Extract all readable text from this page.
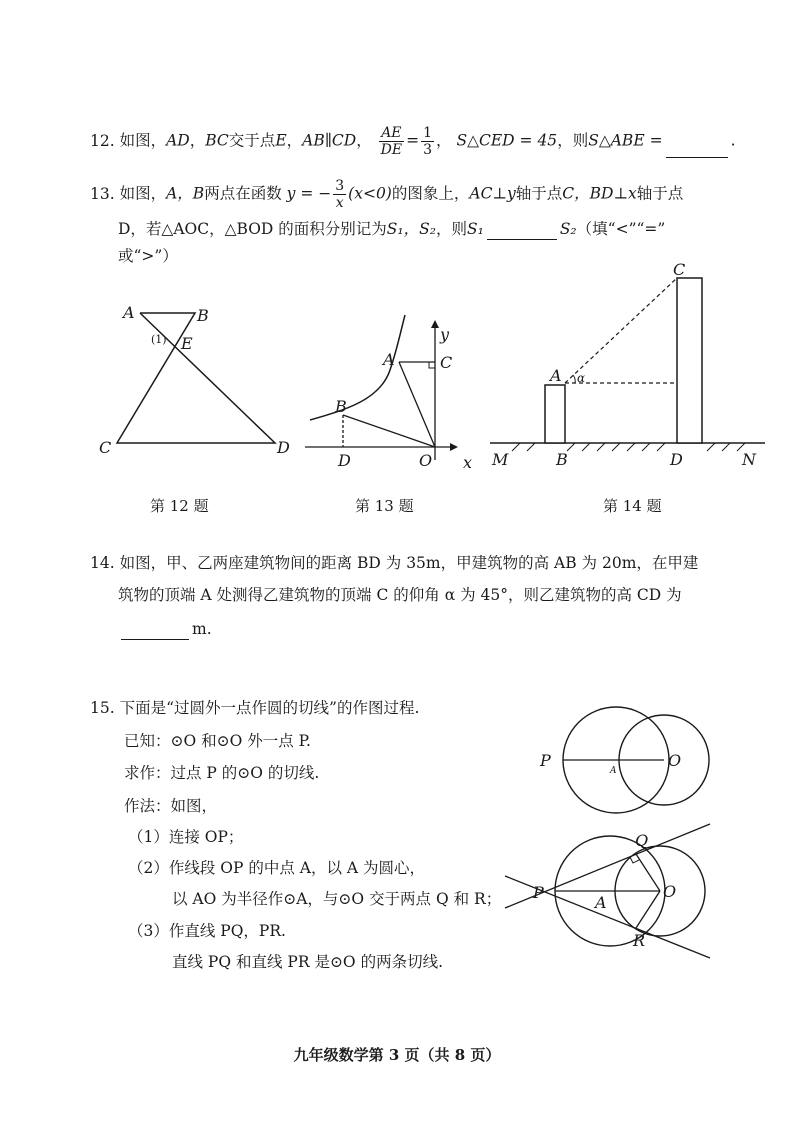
12. 如图，AD，BC交于点E，AB∥CD， $\frac{AE}{DE} = \frac{1}{3}$ ， S△CED = 45，则S△ABE =	.
13. 如图，A，B两点在函数 y = − $\frac{3}{x} (x<0)$的图象上，AC⊥y轴于点C，BD⊥x轴于点
D，若△AOC，△BOD 的面积分别记为S₁，S₂，则S₁	S₂（填“<”“=”
或“>”）
A	B
E
C	D
(1)
第 12 题
A	C
B
D	O x
y
第 13 题
A α
C
M	B	D	N
第 14 题
14. 如图，甲、乙两座建筑物间的距离 BD 为 35m，甲建筑物的高 AB 为 20m，在甲建
筑物的顶端 A 处测得乙建筑物的顶端 C 的仰角 α 为 45°，则乙建筑物的高 CD 为
m.
15. 下面是“过圆外一点作圆的切线”的作图过程.
已知：⊙O 和⊙O 外一点 P.
求作：过点 P 的⊙O 的切线.
作法：如图，
（1）连接 OP；
（2）作线段 OP 的中点 A，以 A 为圆心，
以 AO 为半径作⊙A，与⊙O 交于两点 Q 和 R；
（3）作直线 PQ，PR.
直线 PQ 和直线 PR 是⊙O 的两条切线.
P	O
A
P	O
A
Q
R
九年级数学第 3 页（共 8 页）
